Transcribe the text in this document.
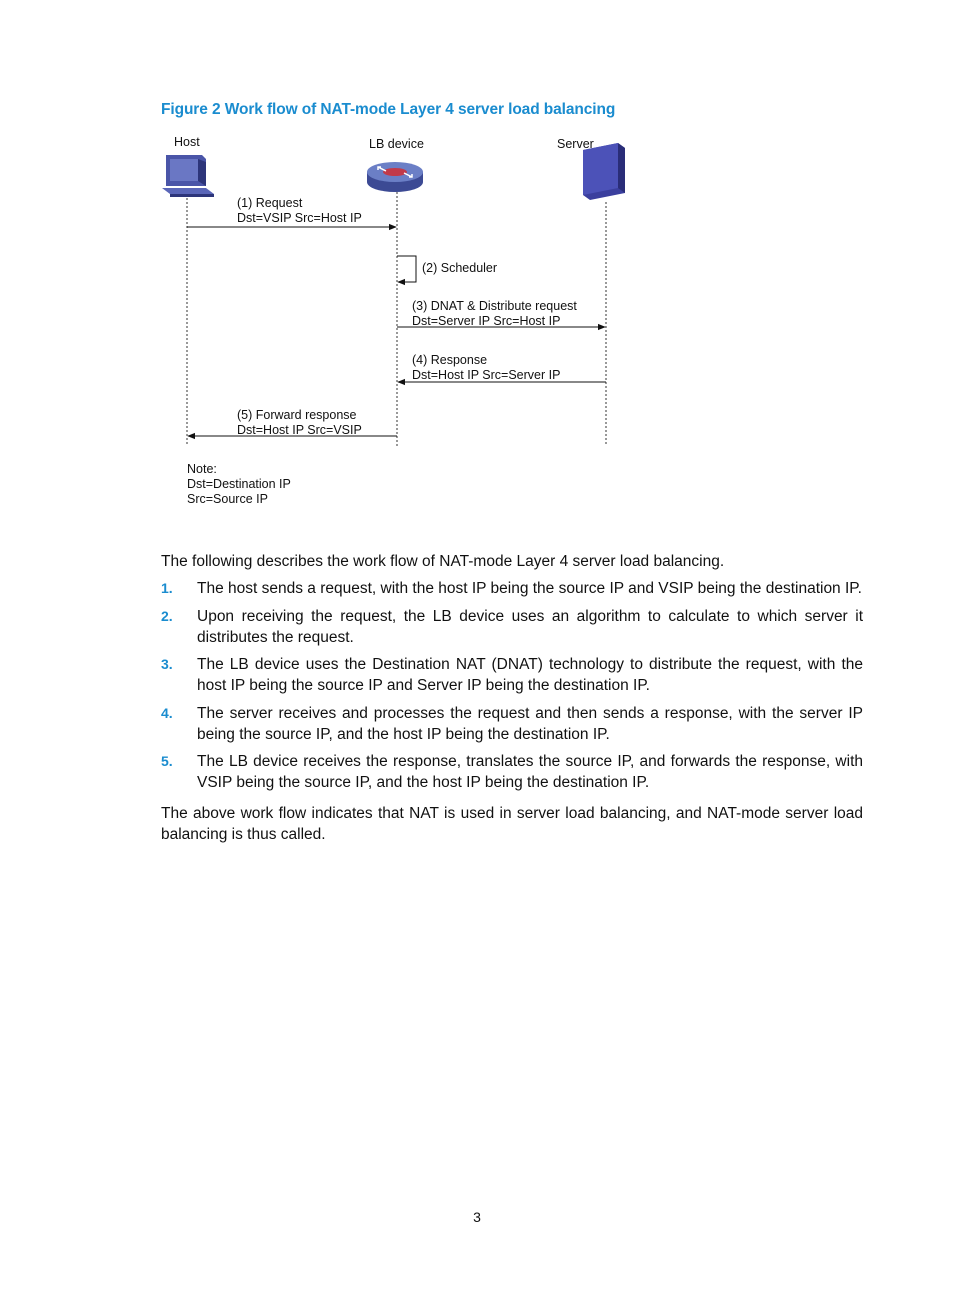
Figure 2 Work flow of NAT-mode Layer 4 server load balancing
Host	LB device	Server
(1) Request
Dst=VSIP Src=Host IP
(2) Scheduler
(3) DNAT & Distribute request
Dst=Server IP Src=Host IP
(4) Response
Dst=Host IP Src=Server IP
(5) Forward response
Dst=Host IP Src=VSIP
Note:
Dst=Destination IP
Src=Source IP
The following describes the work flow of NAT-mode Layer 4 server load balancing.
1. The host sends a request, with the host IP being the source IP and VSIP being the destination IP.
2. Upon receiving the request, the LB device uses an algorithm to calculate to which server it distributes the request.
3. The LB device uses the Destination NAT (DNAT) technology to distribute the request, with the host IP being the source IP and Server IP being the destination IP.
4. The server receives and processes the request and then sends a response, with the server IP being the source IP, and the host IP being the destination IP.
5. The LB device receives the response, translates the source IP, and forwards the response, with VSIP being the source IP, and the host IP being the destination IP.
The above work flow indicates that NAT is used in server load balancing, and NAT-mode server load balancing is thus called.
3
